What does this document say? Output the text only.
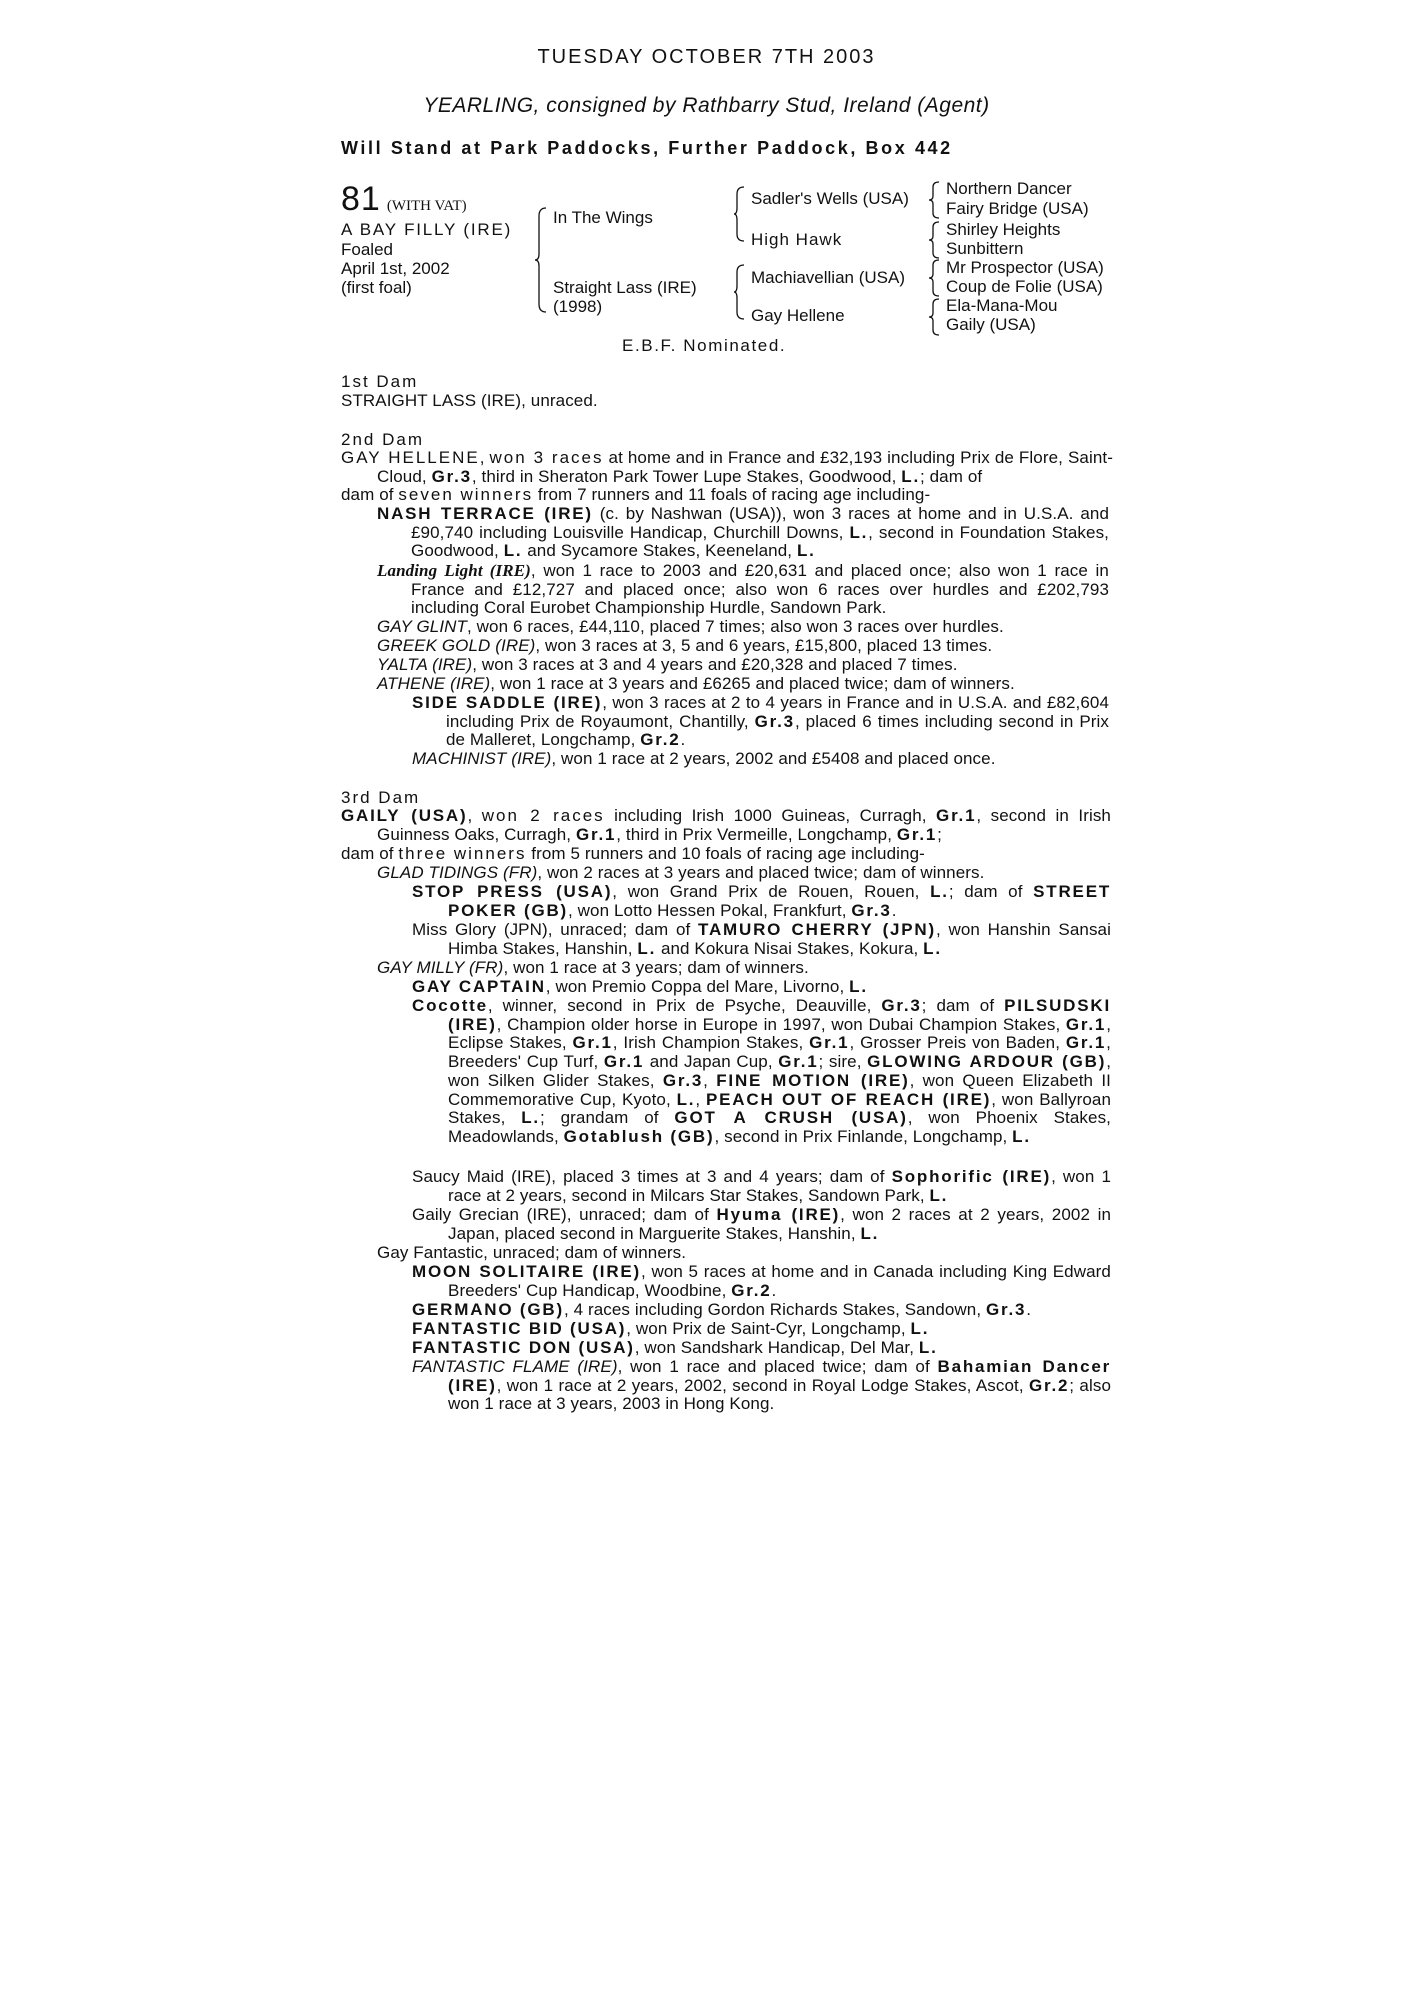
TUESDAY OCTOBER 7TH 2003
YEARLING, consigned by Rathbarry Stud, Ireland (Agent)
Will Stand at Park Paddocks, Further Paddock, Box 442
81 (WITH VAT)
A BAY FILLY (IRE)
Foaled
April 1st, 2002
(first foal)
In The Wings
Straight Lass (IRE)
(1998)
Sadler's Wells (USA)
High Hawk
Machiavellian (USA)
Gay Hellene
Northern Dancer
Fairy Bridge (USA)
Shirley Heights
Sunbittern
Mr Prospector (USA)
Coup de Folie (USA)
Ela-Mana-Mou
Gaily (USA)
E.B.F. Nominated.
1st Dam
STRAIGHT LASS (IRE), unraced.
2nd Dam
GAY HELLENE, won 3 races at home and in France and £32,193 including Prix de Flore, Saint-Cloud, Gr.3, third in Sheraton Park Tower Lupe Stakes, Goodwood, L.; dam of
dam of seven winners from 7 runners and 11 foals of racing age including-
NASH TERRACE (IRE) (c. by Nashwan (USA)), won 3 races at home and in U.S.A. and £90,740 including Louisville Handicap, Churchill Downs, L., second in Foundation Stakes, Goodwood, L. and Sycamore Stakes, Keeneland, L.
Landing Light (IRE), won 1 race to 2003 and £20,631 and placed once; also won 1 race in France and £12,727 and placed once; also won 6 races over hurdles and £202,793 including Coral Eurobet Championship Hurdle, Sandown Park.
GAY GLINT, won 6 races, £44,110, placed 7 times; also won 3 races over hurdles.
GREEK GOLD (IRE), won 3 races at 3, 5 and 6 years, £15,800, placed 13 times.
YALTA (IRE), won 3 races at 3 and 4 years and £20,328 and placed 7 times.
ATHENE (IRE), won 1 race at 3 years and £6265 and placed twice; dam of winners.
SIDE SADDLE (IRE), won 3 races at 2 to 4 years in France and in U.S.A. and £82,604 including Prix de Royaumont, Chantilly, Gr.3, placed 6 times including second in Prix de Malleret, Longchamp, Gr.2.
MACHINIST (IRE), won 1 race at 2 years, 2002 and £5408 and placed once.
3rd Dam
GAILY (USA), won 2 races including Irish 1000 Guineas, Curragh, Gr.1, second in Irish Guinness Oaks, Curragh, Gr.1, third in Prix Vermeille, Longchamp, Gr.1;
dam of three winners from 5 runners and 10 foals of racing age including-
GLAD TIDINGS (FR), won 2 races at 3 years and placed twice; dam of winners.
STOP PRESS (USA), won Grand Prix de Rouen, Rouen, L.; dam of STREET POKER (GB), won Lotto Hessen Pokal, Frankfurt, Gr.3.
Miss Glory (JPN), unraced; dam of TAMURO CHERRY (JPN), won Hanshin Sansai Himba Stakes, Hanshin, L. and Kokura Nisai Stakes, Kokura, L.
GAY MILLY (FR), won 1 race at 3 years; dam of winners.
GAY CAPTAIN, won Premio Coppa del Mare, Livorno, L.
Cocotte, winner, second in Prix de Psyche, Deauville, Gr.3; dam of PILSUDSKI (IRE), Champion older horse in Europe in 1997, won Dubai Champion Stakes, Gr.1, Eclipse Stakes, Gr.1, Irish Champion Stakes, Gr.1, Grosser Preis von Baden, Gr.1, Breeders' Cup Turf, Gr.1 and Japan Cup, Gr.1; sire, GLOWING ARDOUR (GB), won Silken Glider Stakes, Gr.3, FINE MOTION (IRE), won Queen Elizabeth II Commemorative Cup, Kyoto, L., PEACH OUT OF REACH (IRE), won Ballyroan Stakes, L.; grandam of GOT A CRUSH (USA), won Phoenix Stakes, Meadowlands, Gotablush (GB), second in Prix Finlande, Longchamp, L.
Saucy Maid (IRE), placed 3 times at 3 and 4 years; dam of Sophorific (IRE), won 1 race at 2 years, second in Milcars Star Stakes, Sandown Park, L.
Gaily Grecian (IRE), unraced; dam of Hyuma (IRE), won 2 races at 2 years, 2002 in Japan, placed second in Marguerite Stakes, Hanshin, L.
Gay Fantastic, unraced; dam of winners.
MOON SOLITAIRE (IRE), won 5 races at home and in Canada including King Edward Breeders' Cup Handicap, Woodbine, Gr.2.
GERMANO (GB), 4 races including Gordon Richards Stakes, Sandown, Gr.3.
FANTASTIC BID (USA), won Prix de Saint-Cyr, Longchamp, L.
FANTASTIC DON (USA), won Sandshark Handicap, Del Mar, L.
FANTASTIC FLAME (IRE), won 1 race and placed twice; dam of Bahamian Dancer (IRE), won 1 race at 2 years, 2002, second in Royal Lodge Stakes, Ascot, Gr.2; also won 1 race at 3 years, 2003 in Hong Kong.
